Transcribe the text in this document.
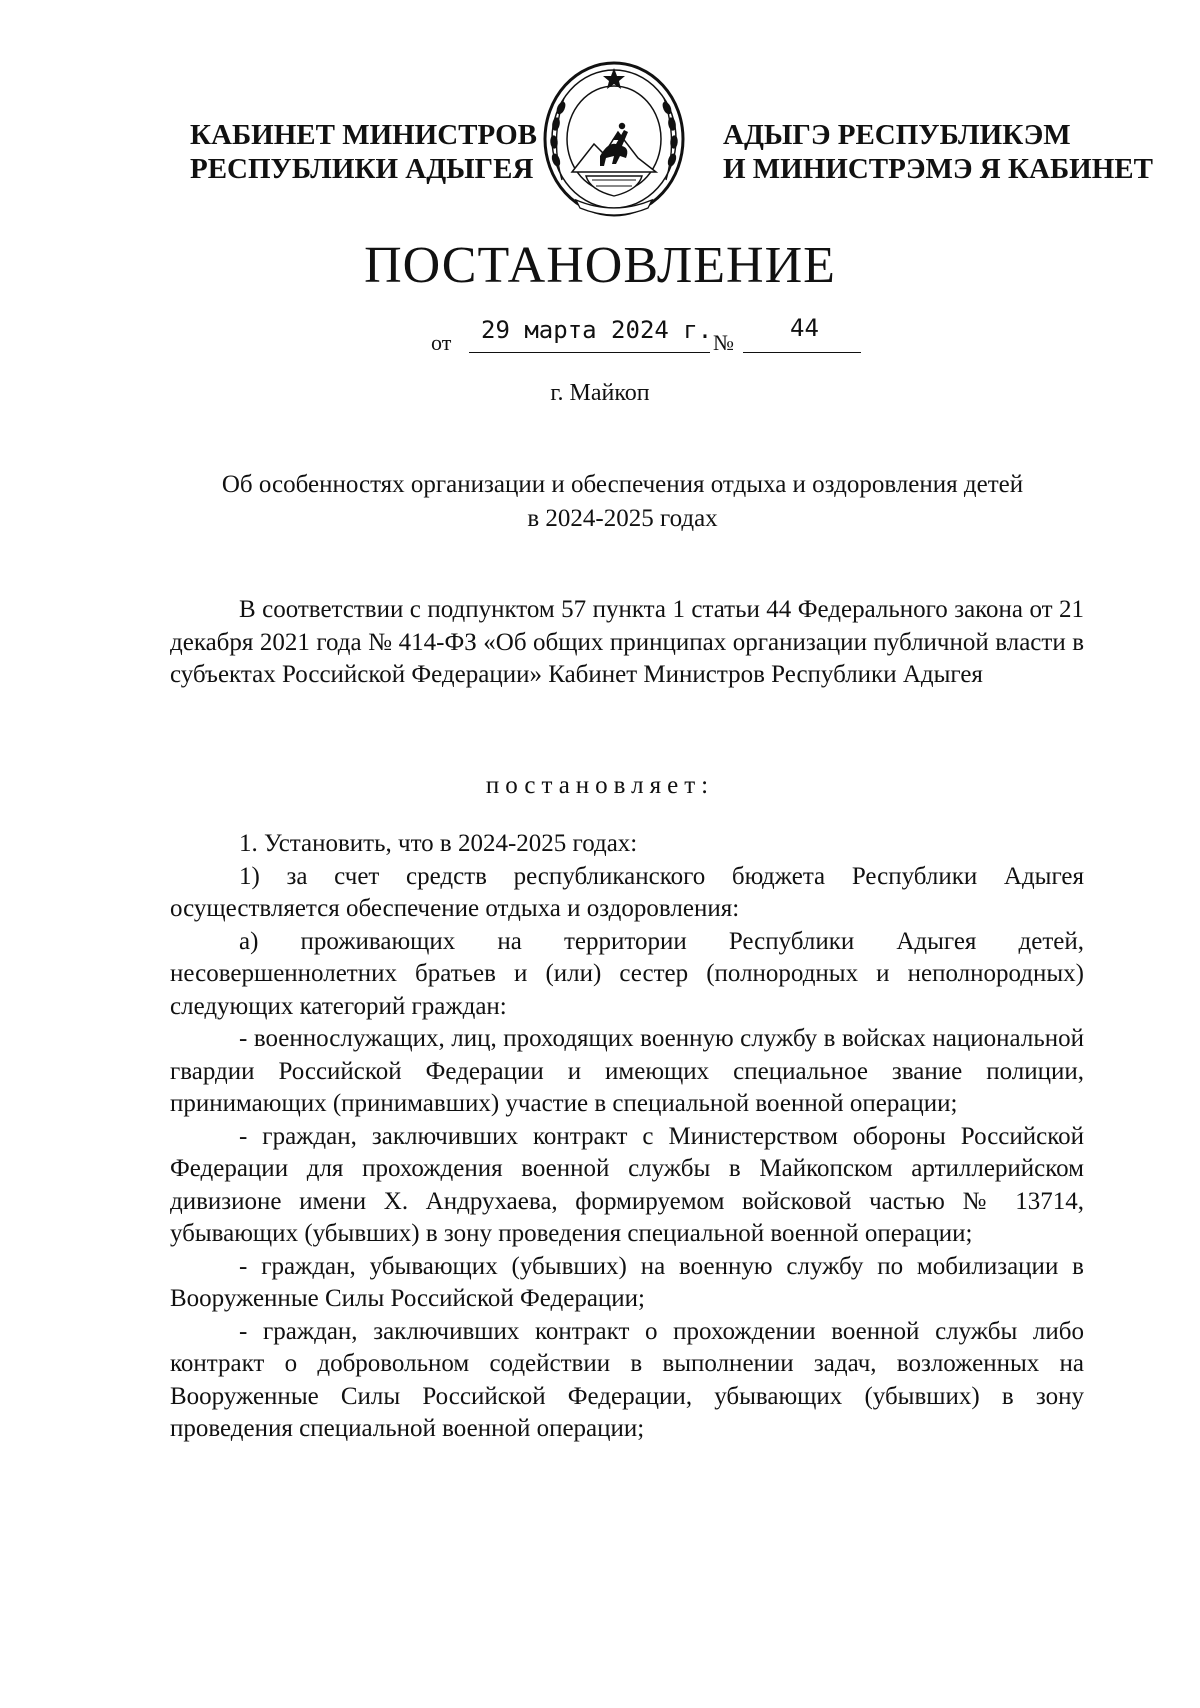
КАБИНЕТ МИНИСТРОВ
РЕСПУБЛИКИ АДЫГЕЯ
АДЫГЭ РЕСПУБЛИКЭМ
И МИНИСТРЭМЭ Я КАБИНЕТ
ПОСТАНОВЛЕНИЕ
от 29 марта 2024 г. №
44
г. Майкоп
Об особенностях организации и обеспечения отдыха и оздоровления детей
в 2024-2025 годах

В соответствии с подпунктом 57 пункта 1 статьи 44 Федерального закона от 21 декабря 2021 года № 414-ФЗ «Об общих принципах организации публичной власти в субъектах Российской Федерации» Кабинет Министров Республики Адыгея

постановляет:

1. Установить, что в 2024-2025 годах:

1) за счет средств республиканского бюджета Республики Адыгея осуществляется обеспечение отдыха и оздоровления:

а) проживающих на территории Республики Адыгея детей, несовершеннолетних братьев и (или) сестер (полнородных и неполнородных) следующих категорий граждан:

- военнослужащих, лиц, проходящих военную службу в войсках национальной гвардии Российской Федерации и имеющих специальное звание полиции, принимающих (принимавших) участие в специальной военной операции;

- граждан, заключивших контракт с Министерством обороны Российской Федерации для прохождения военной службы в Майкопском артиллерийском дивизионе имени Х. Андрухаева, формируемом войсковой частью № 13714, убывающих (убывших) в зону проведения специальной военной операции;

- граждан, убывающих (убывших) на военную службу по мобилизации в Вооруженные Силы Российской Федерации;

- граждан, заключивших контракт о прохождении военной службы либо контракт о добровольном содействии в выполнении задач, возложенных на Вооруженные Силы Российской Федерации, убывающих (убывших) в зону проведения специальной военной операции;
